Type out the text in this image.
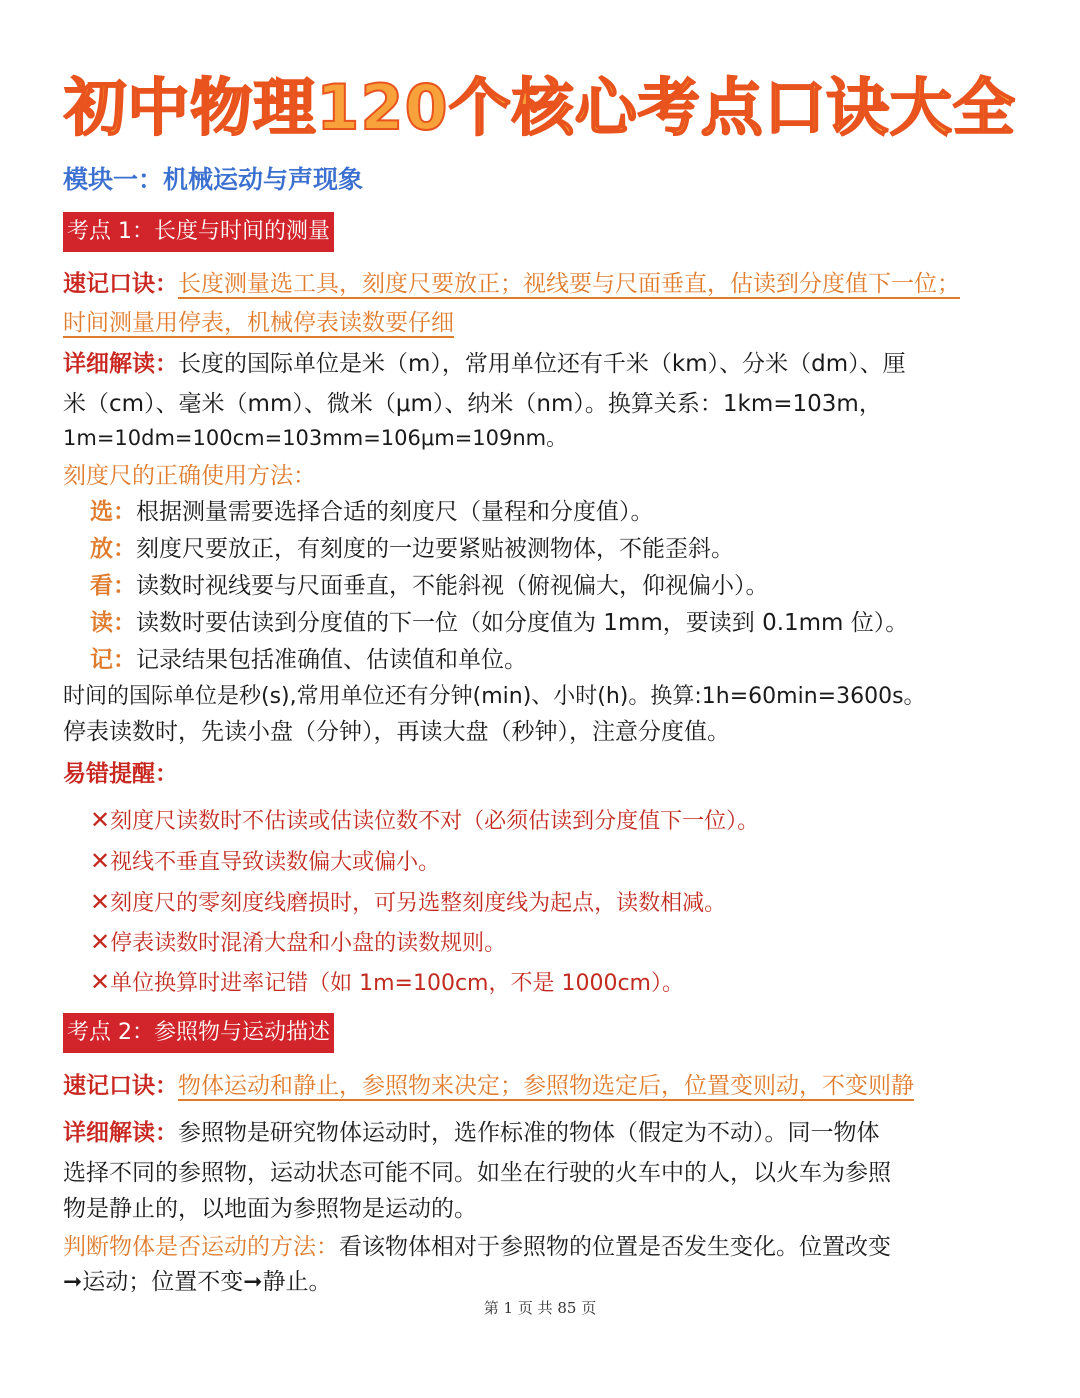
初中物理120个核心考点口诀大全
模块一：机械运动与声现象
考点 1：长度与时间的测量
速记口诀：长度测量选工具，刻度尺要放正；视线要与尺面垂直，估读到分度值下一位；
时间测量用停表，机械停表读数要仔细
详细解读：长度的国际单位是米（m），常用单位还有千米（km）、分米（dm）、厘
米（cm）、毫米（mm）、微米（μm）、纳米（nm）。换算关系：1km=103m，
1m=10dm=100cm=103mm=106μm=109nm。
刻度尺的正确使用方法：
选：根据测量需要选择合适的刻度尺（量程和分度值）。
放：刻度尺要放正，有刻度的一边要紧贴被测物体，不能歪斜。
看：读数时视线要与尺面垂直，不能斜视（俯视偏大，仰视偏小）。
读：读数时要估读到分度值的下一位（如分度值为 1mm，要读到 0.1mm 位）。
记：记录结果包括准确值、估读值和单位。
时间的国际单位是秒(s),常用单位还有分钟(min)、小时(h)。换算:1h=60min=3600s。
停表读数时，先读小盘（分钟），再读大盘（秒钟），注意分度值。
易错提醒：
✕刻度尺读数时不估读或估读位数不对（必须估读到分度值下一位）。
✕视线不垂直导致读数偏大或偏小。
✕刻度尺的零刻度线磨损时，可另选整刻度线为起点，读数相减。
✕停表读数时混淆大盘和小盘的读数规则。
✕单位换算时进率记错（如 1m=100cm，不是 1000cm）。
考点 2：参照物与运动描述
速记口诀：物体运动和静止，参照物来决定；参照物选定后，位置变则动，不变则静
详细解读：参照物是研究物体运动时，选作标准的物体（假定为不动）。同一物体
选择不同的参照物，运动状态可能不同。如坐在行驶的火车中的人，以火车为参照
物是静止的，以地面为参照物是运动的。
判断物体是否运动的方法：看该物体相对于参照物的位置是否发生变化。位置改变
➞运动；位置不变➞静止。
第 1 页 共 85 页
